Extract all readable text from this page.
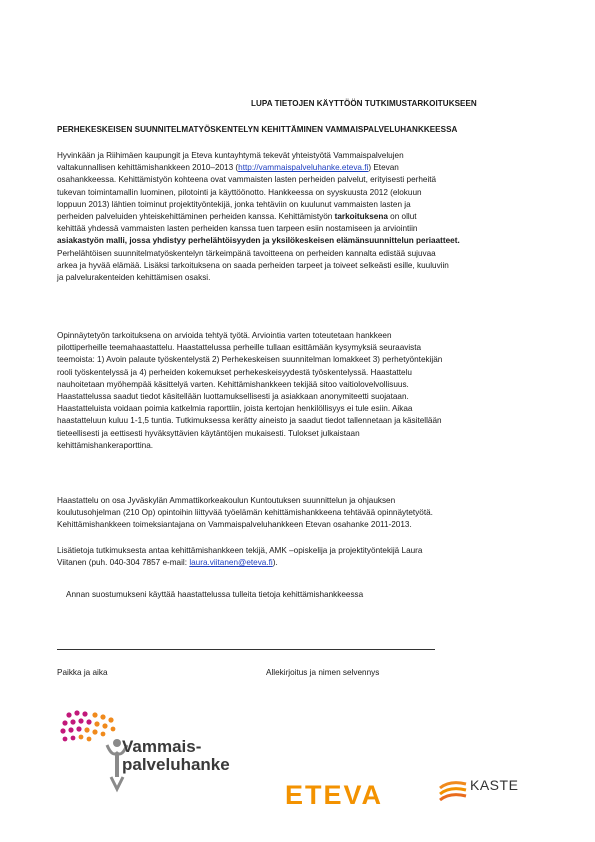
LUPA TIETOJEN KÄYTTÖÖN TUTKIMUSTARKOITUKSEEN
PERHEKESKEISEN SUUNNITELMATYÖSKENTELYN KEHITTÄMINEN VAMMAISPALVELUHANKKEESSA
Hyvinkään ja Riihimäen kaupungit ja Eteva kuntayhtymä tekevät yhteistyötä Vammaispalvelujen
valtakunnallisen kehittämishankkeen 2010–2013 (http://vammaispalveluhanke.eteva.fi) Etevan
osahankkeessa. Kehittämistyön kohteena ovat vammaisten lasten perheiden palvelut, erityisesti perheitä
tukevan toimintamallin luominen, pilotointi ja käyttöönotto. Hankkeessa on syyskuusta 2012 (elokuun
loppuun 2013) lähtien toiminut projektityöntekijä, jonka tehtäviin on kuulunut vammaisten lasten ja
perheiden palveluiden yhteiskehittäminen perheiden kanssa. Kehittämistyön tarkoituksena on ollut
kehittää yhdessä vammaisten lasten perheiden kanssa tuen tarpeen esiin nostamiseen ja arviointiin
asiakastyön malli, jossa yhdistyy perhelähtöisyyden ja yksilökeskeisen elämänsuunnittelun periaatteet.
Perhelähtöisen suunnitelmatyöskentelyn tärkeimpänä tavoitteena on perheiden kannalta edistää sujuvaa
arkea ja hyvää elämää. Lisäksi tarkoituksena on saada perheiden tarpeet ja toiveet selkeästi esille, kuuluviin
ja palvelurakenteiden kehittämisen osaksi.
Opinnäytetyön tarkoituksena on arvioida tehtyä työtä. Arviointia varten toteutetaan hankkeen
pilottiperheille teemahaastattelu. Haastattelussa perheille tullaan esittämään kysymyksiä seuraavista
teemoista: 1) Avoin palaute työskentelystä 2) Perhekeskeisen suunnitelman lomakkeet 3) perhetyöntekijän
rooli työskentelyssä ja 4) perheiden kokemukset perhekeskeisyydestä työskentelyssä. Haastattelu
nauhoitetaan myöhempää käsittelyä varten. Kehittämishankkeen tekijää sitoo vaitiolovelvollisuus.
Haastattelussa saadut tiedot käsitellään luottamuksellisesti ja asiakkaan anonymiteetti suojataan.
Haastatteluista voidaan poimia katkelmia raporttiin, joista kertojan henkilöllisyys ei tule esiin. Aikaa
haastatteluun kuluu 1-1,5 tuntia. Tutkimuksessa kerätty aineisto ja saadut tiedot tallennetaan ja käsitellään
tieteellisesti ja eettisesti hyväksyttävien käytäntöjen mukaisesti. Tulokset julkaistaan
kehittämishankeraporttina.
Haastattelu on osa Jyväskylän Ammattikorkeakoulun Kuntoutuksen suunnittelun ja ohjauksen
koulutusohjelman (210 Op) opintoihin liittyvää työelämän kehittämishankkeena tehtävää opinnäytetyötä.
Kehittämishankkeen toimeksiantajana on Vammaispalveluhankkeen Etevan osahanke 2011-2013.
Lisätietoja tutkimuksesta antaa kehittämishankkeen tekijä, AMK –opiskelija ja projektityöntekijä Laura
Viitanen (puh. 040-304 7857 e-mail: laura.viitanen@eteva.fi).
Annan suostumukseni käyttää haastattelussa tulleita tietoja kehittämishankkeessa
Paikka ja aika	Allekirjoitus ja nimen selvennys
Vammais-
palveluhanke
ETEVA	KASTE
